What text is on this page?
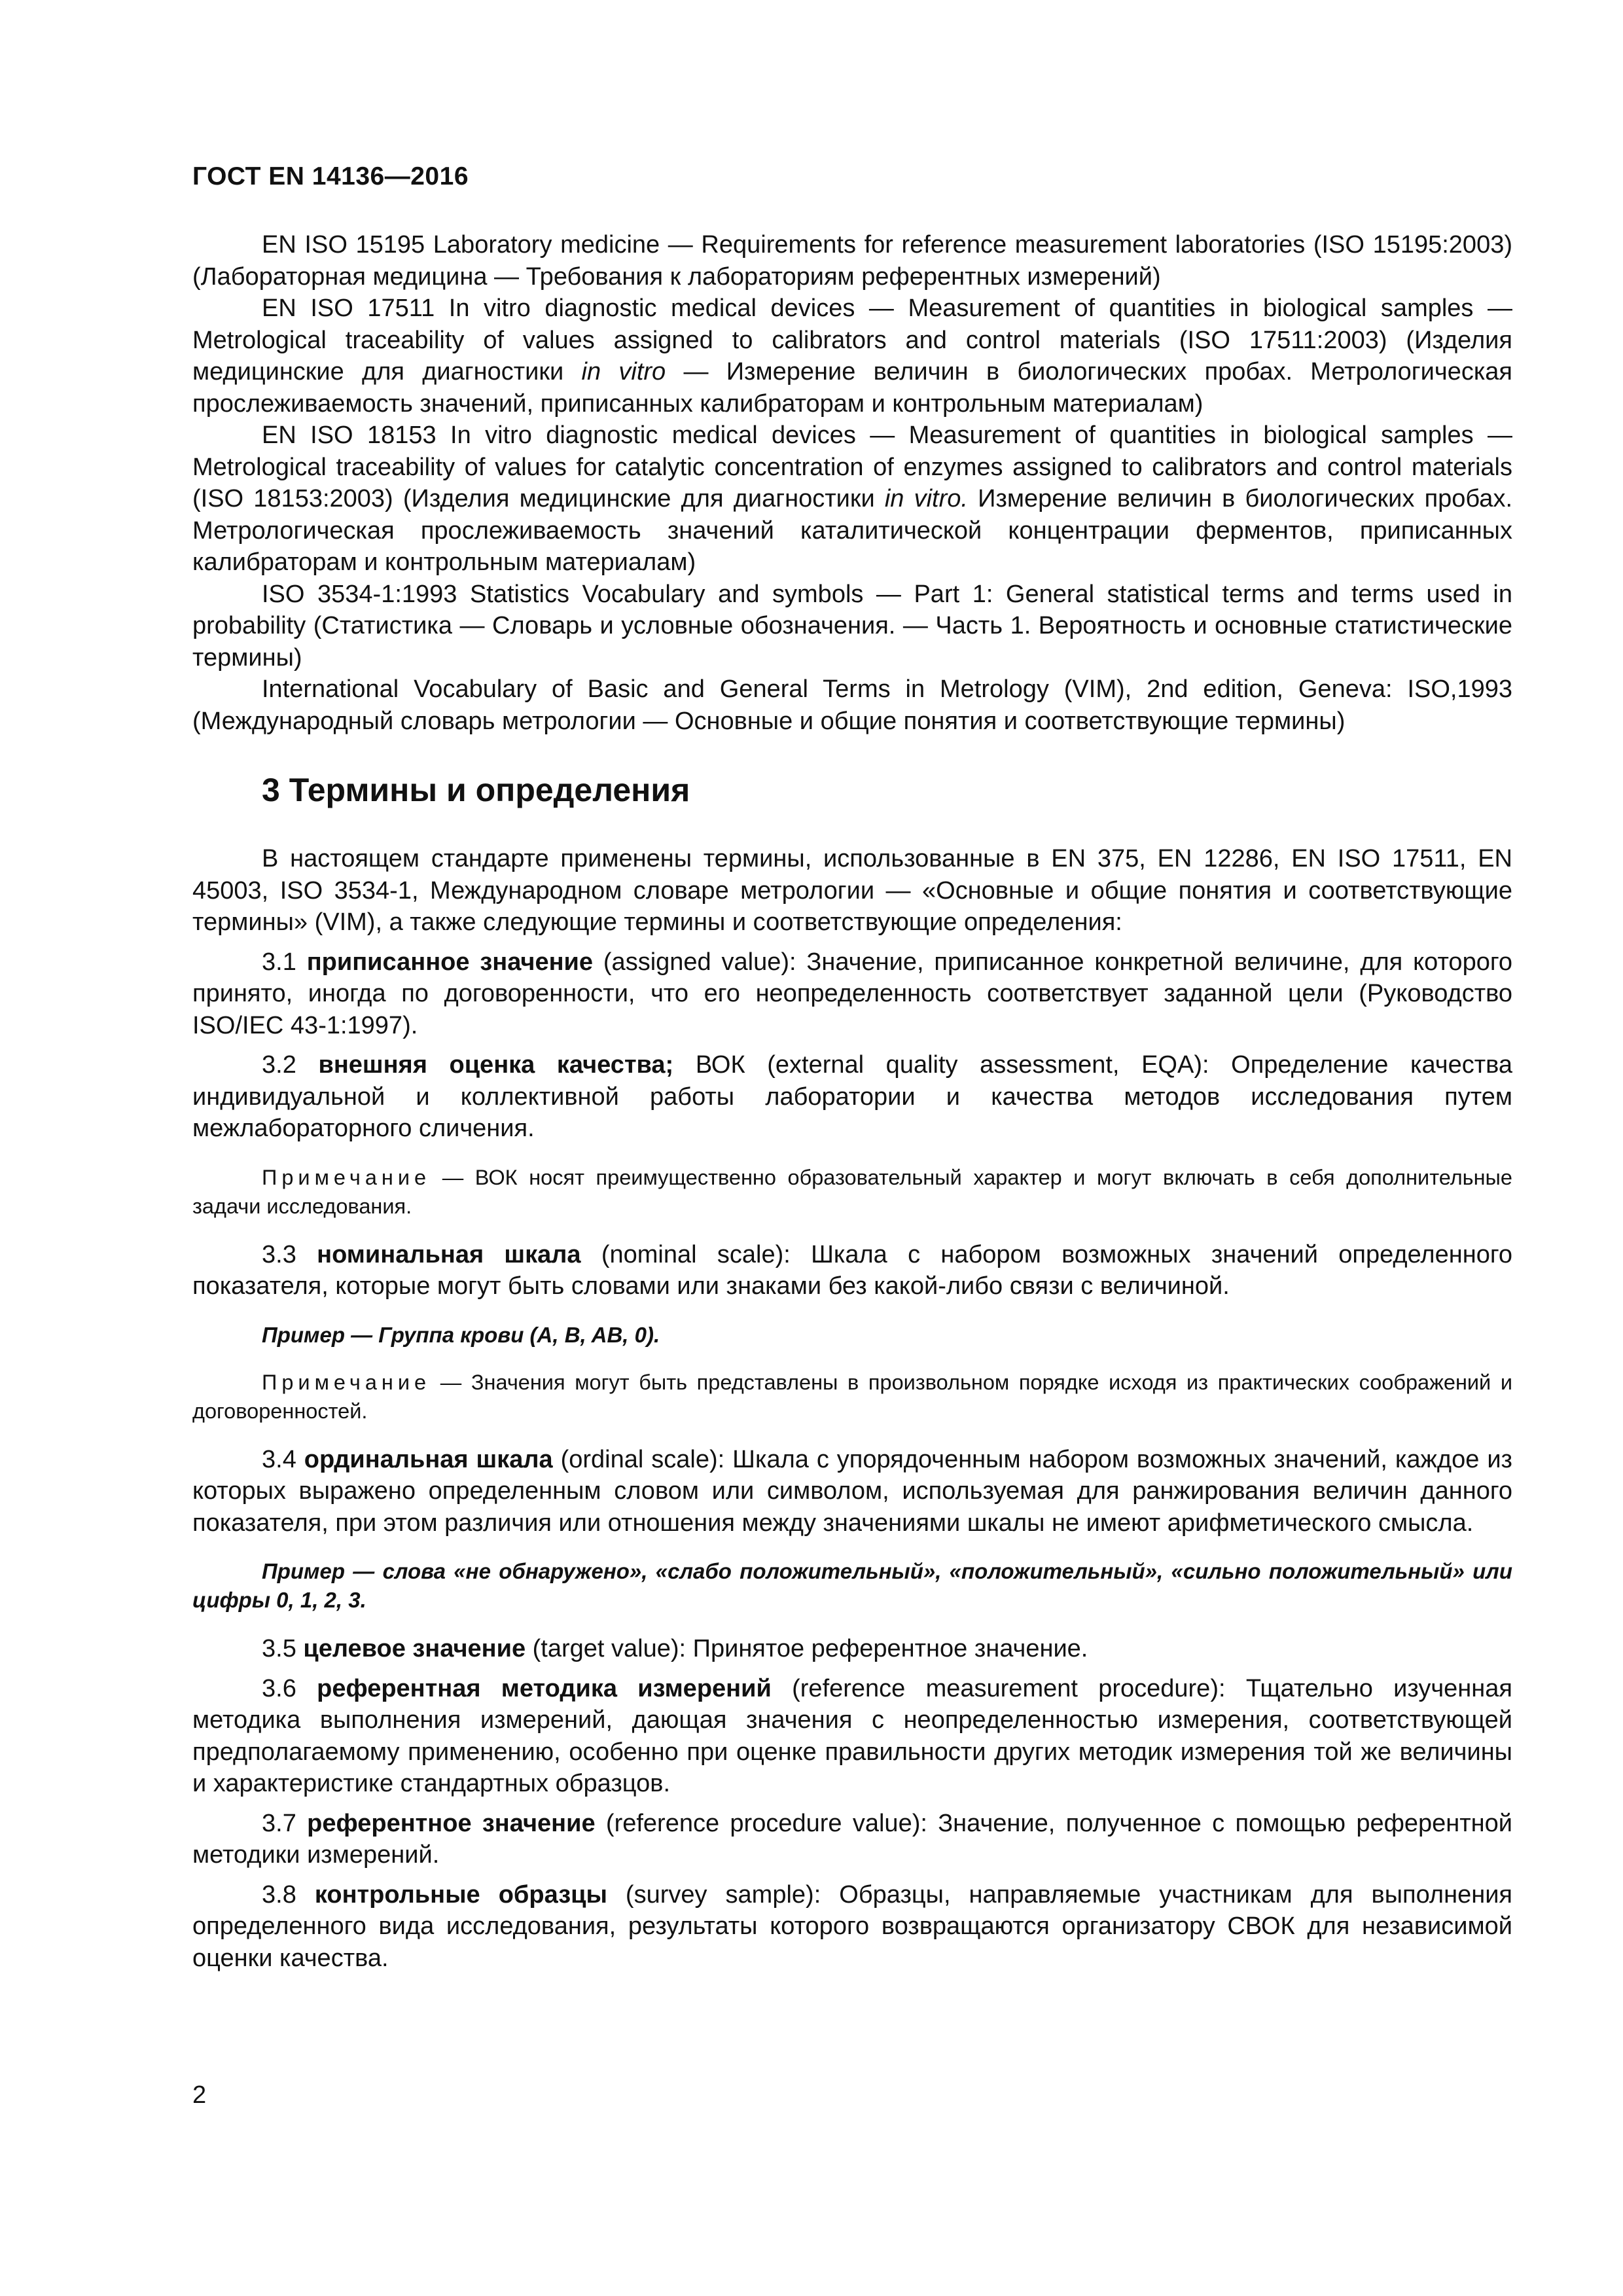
ГОСТ EN 14136—2016

EN ISO 15195 Laboratory medicine — Requirements for reference measurement laboratories (ISO 15195:2003) (Лабораторная медицина — Требования к лабораториям референтных измерений)

EN ISO 17511 In vitro diagnostic medical devices — Measurement of quantities in biological samples — Metrological traceability of values assigned to calibrators and control materials (ISO 17511:2003) (Изделия медицинские для диагностики in vitro — Измерение величин в биологических пробах. Метрологическая прослеживаемость значений, приписанных калибраторам и контрольным материалам)

EN ISO 18153 In vitro diagnostic medical devices — Measurement of quantities in biological samples — Metrological traceability of values for catalytic concentration of enzymes assigned to calibrators and control materials (ISO 18153:2003) (Изделия медицинские для диагностики in vitro. Измерение величин в биологических пробах. Метрологическая прослеживаемость значений каталитической концентрации ферментов, приписанных калибраторам и контрольным материалам)

ISO 3534-1:1993 Statistics Vocabulary and symbols — Part 1: General statistical terms and terms used in probability (Статистика — Словарь и условные обозначения. — Часть 1. Вероятность и основные статистические термины)

International Vocabulary of Basic and General Terms in Metrology (VIM), 2nd edition, Geneva: ISO,1993 (Международный словарь метрологии — Основные и общие понятия и соответствующие термины)

3 Термины и определения

В настоящем стандарте применены термины, использованные в EN 375, EN 12286, EN ISO 17511, EN 45003, ISO 3534-1, Международном словаре метрологии — «Основные и общие понятия и соответствующие термины» (VIM), а также следующие термины и соответствующие определения:

3.1 приписанное значение (assigned value): Значение, приписанное конкретной величине, для которого принято, иногда по договоренности, что его неопределенность соответствует заданной цели (Руководство ISO/IEC 43-1:1997).

3.2 внешняя оценка качества; ВОК (external quality assessment, EQA): Определение качества индивидуальной и коллективной работы лаборатории и качества методов исследования путем межлабораторного сличения.

Примечание — ВОК носят преимущественно образовательный характер и могут включать в себя дополнительные задачи исследования.

3.3 номинальная шкала (nominal scale): Шкала с набором возможных значений определенного показателя, которые могут быть словами или знаками без какой-либо связи с величиной.

Пример — Группа крови (A, B, AB, 0).

Примечание — Значения могут быть представлены в произвольном порядке исходя из практических соображений и договоренностей.

3.4 ординальная шкала (ordinal scale): Шкала с упорядоченным набором возможных значений, каждое из которых выражено определенным словом или символом, используемая для ранжирования величин данного показателя, при этом различия или отношения между значениями шкалы не имеют арифметического смысла.

Пример — слова «не обнаружено», «слабо положительный», «положительный», «сильно положительный» или цифры 0, 1, 2, 3.

3.5 целевое значение (target value): Принятое референтное значение.

3.6 референтная методика измерений (reference measurement procedure): Тщательно изученная методика выполнения измерений, дающая значения с неопределенностью измерения, соответствующей предполагаемому применению, особенно при оценке правильности других методик измерения той же величины и характеристике стандартных образцов.

3.7 референтное значение (reference procedure value): Значение, полученное с помощью референтной методики измерений.

3.8 контрольные образцы (survey sample): Образцы, направляемые участникам для выполнения определенного вида исследования, результаты которого возвращаются организатору СВОК для независимой оценки качества.

2
